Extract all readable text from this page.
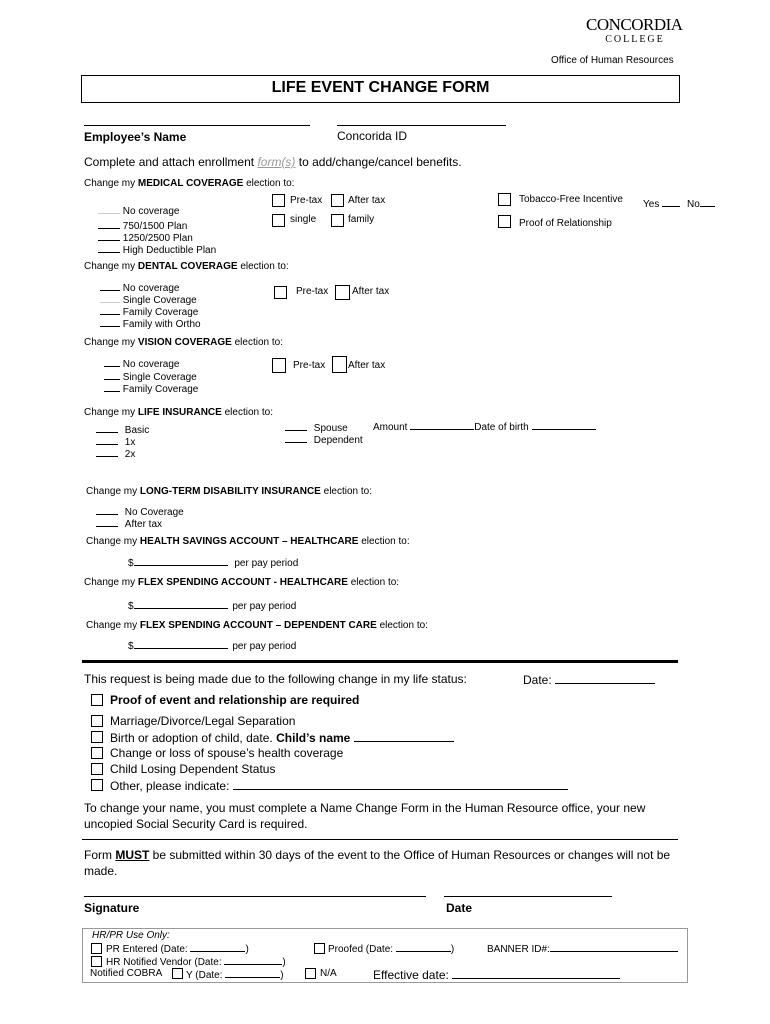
CONCORDIA
COLLEGE
Office of Human Resources
LIFE EVENT CHANGE FORM
Employee’s Name	Concorida ID
Complete and attach enrollment form(s) to add/change/cancel benefits.
Change my MEDICAL COVERAGE election to:
No coverage
750/1500 Plan
1250/2500 Plan
High Deductible Plan
Pre-tax	After tax
single	family
Tobacco-Free Incentive
Proof of Relationship
Yes	No
Change my DENTAL COVERAGE election to:
No coverage
Single Coverage
Family Coverage
Family with Ortho
Pre-tax After tax
Change my VISION COVERAGE election to:
No coverage
Single Coverage
Family Coverage
Pre-tax After tax
Change my LIFE INSURANCE election to:
Basic
1x
2x
Spouse
Dependent
Amount	Date of birth
Change my LONG-TERM DISABILITY INSURANCE election to:
No Coverage
After tax
Change my HEALTH SAVINGS ACCOUNT – HEALTHCARE election to:
$	per pay period
Change my FLEX SPENDING ACCOUNT - HEALTHCARE election to:
$	per pay period
Change my FLEX SPENDING ACCOUNT – DEPENDENT CARE election to:
$	per pay period
This request is being made due to the following change in my life status:	Date:
Proof of event and relationship are required
Marriage/Divorce/Legal Separation
Birth or adoption of child, date. Child’s name
Change or loss of spouse’s health coverage
Child Losing Dependent Status
Other, please indicate:
To change your name, you must complete a Name Change Form in the Human Resource office, your new uncopied Social Security Card is required.
Form MUST be submitted within 30 days of the event to the Office of Human Resources or changes will not be made.
Signature	Date
HR/PR Use Only:
PR Entered (Date:	)	Proofed (Date:	)	BANNER ID#:
HR Notified Vendor (Date:	)
Notified COBRA Y (Date:	)	N/A	Effective date:
